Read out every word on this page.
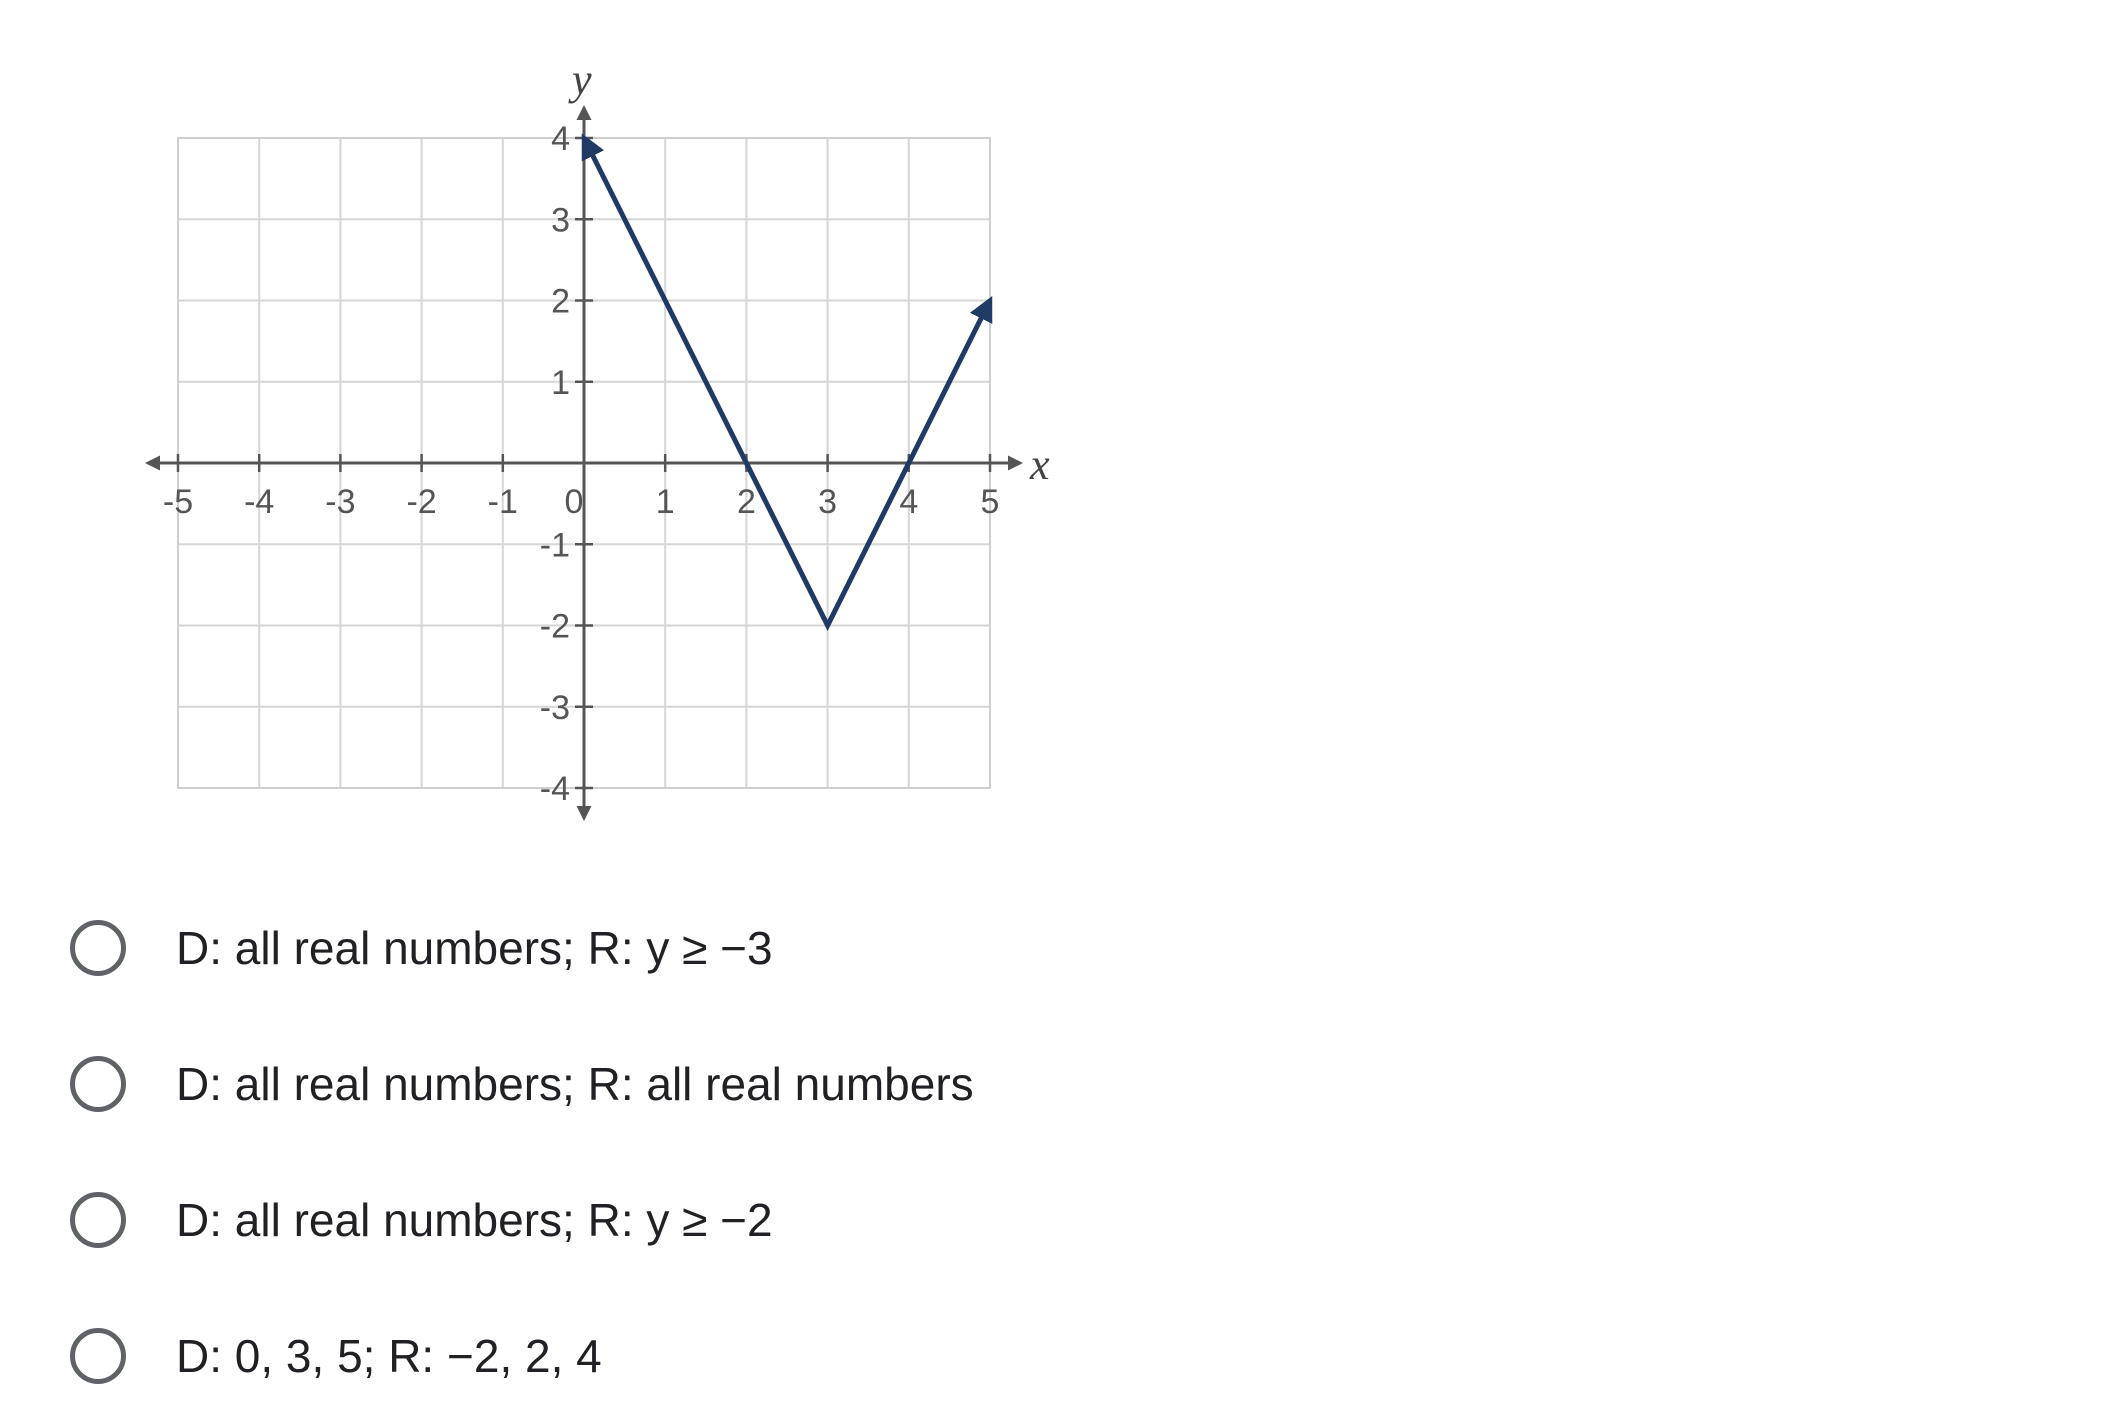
x
y
-5 -4 -3 -2 -1 0 1 2 3 4 5
-4
-3
-2
-1
1
2
3
4
D: all real numbers; R: y ≥ −3
D: all real numbers; R: all real numbers
D: all real numbers; R: y ≥ −2
D: 0, 3, 5; R: −2, 2, 4
